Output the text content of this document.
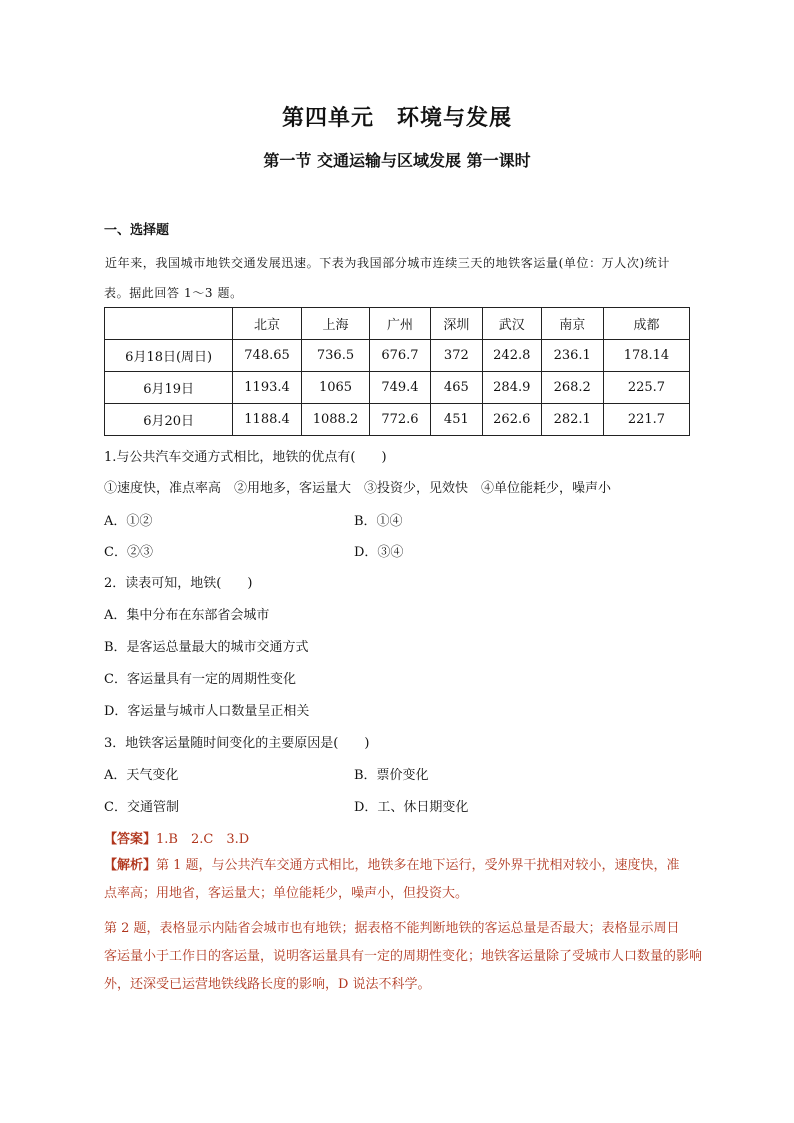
第四单元　环境与发展
第一节 交通运输与区域发展 第一课时
一、选择题
近年来，我国城市地铁交通发展迅速。下表为我国部分城市连续三天的地铁客运量(单位：万人次)统计
表。据此回答 1～3 题。
	北京	上海	广州	深圳	武汉	南京	成都
6月18日(周日)	748.65	736.5	676.7	372	242.8	236.1	178.14
6月19日	1193.4	1065	749.4	465	284.9	268.2	225.7
6月20日	1188.4	1088.2	772.6	451	262.6	282.1	221.7
1.与公共汽车交通方式相比，地铁的优点有(　　)
①速度快，准点率高　②用地多，客运量大　③投资少，见效快　④单位能耗少，噪声小
A．①②	B．①④
C．②③	D．③④
2．读表可知，地铁(　　)
A．集中分布在东部省会城市
B．是客运总量最大的城市交通方式
C．客运量具有一定的周期性变化
D．客运量与城市人口数量呈正相关
3．地铁客运量随时间变化的主要原因是(　　)
A．天气变化	B．票价变化
C．交通管制	D．工、休日期变化
【答案】1.B　2.C　3.D
【解析】第 1 题，与公共汽车交通方式相比，地铁多在地下运行，受外界干扰相对较小，速度快，准
点率高；用地省，客运量大；单位能耗少，噪声小，但投资大。
第 2 题，表格显示内陆省会城市也有地铁；据表格不能判断地铁的客运总量是否最大；表格显示周日
客运量小于工作日的客运量，说明客运量具有一定的周期性变化；地铁客运量除了受城市人口数量的影响
外，还深受已运营地铁线路长度的影响，D 说法不科学。
